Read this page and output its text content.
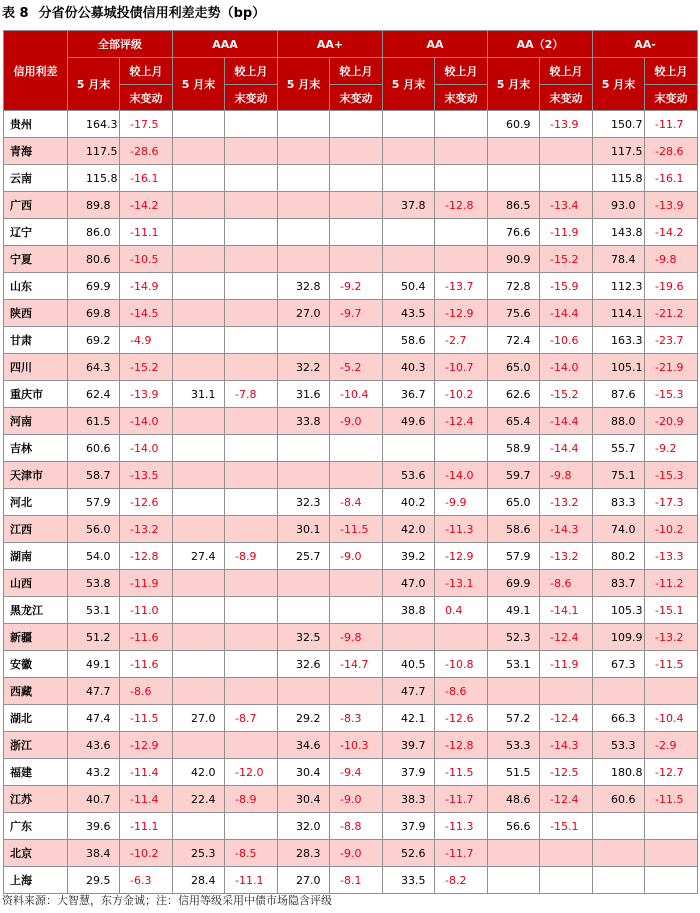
表 8 分省份公募城投债信用利差走势（bp）
信用利差	全部评级		AAA		AA+		AA		AA（2）		AA-	
	5 月末	较上月	5 月末	较上月	5 月末	较上月	5 月末	较上月	5 月末	较上月	5 月末	较上月
		末变动		末变动		末变动		末变动		末变动		末变动
贵州	164.3	-17.5							60.9	-13.9	150.7	-11.7
青海	117.5	-28.6									117.5	-28.6
云南	115.8	-16.1									115.8	-16.1
广西	89.8	-14.2					37.8	-12.8	86.5	-13.4	93.0	-13.9
辽宁	86.0	-11.1							76.6	-11.9	143.8	-14.2
宁夏	80.6	-10.5							90.9	-15.2	78.4	-9.8
山东	69.9	-14.9			32.8	-9.2	50.4	-13.7	72.8	-15.9	112.3	-19.6
陕西	69.8	-14.5			27.0	-9.7	43.5	-12.9	75.6	-14.4	114.1	-21.2
甘肃	69.2	-4.9					58.6	-2.7	72.4	-10.6	163.3	-23.7
四川	64.3	-15.2			32.2	-5.2	40.3	-10.7	65.0	-14.0	105.1	-21.9
重庆市	62.4	-13.9	31.1	-7.8	31.6	-10.4	36.7	-10.2	62.6	-15.2	87.6	-15.3
河南	61.5	-14.0			33.8	-9.0	49.6	-12.4	65.4	-14.4	88.0	-20.9
吉林	60.6	-14.0							58.9	-14.4	55.7	-9.2
天津市	58.7	-13.5					53.6	-14.0	59.7	-9.8	75.1	-15.3
河北	57.9	-12.6			32.3	-8.4	40.2	-9.9	65.0	-13.2	83.3	-17.3
江西	56.0	-13.2			30.1	-11.5	42.0	-11.3	58.6	-14.3	74.0	-10.2
湖南	54.0	-12.8	27.4	-8.9	25.7	-9.0	39.2	-12.9	57.9	-13.2	80.2	-13.3
山西	53.8	-11.9					47.0	-13.1	69.9	-8.6	83.7	-11.2
黑龙江	53.1	-11.0					38.8	0.4	49.1	-14.1	105.3	-15.1
新疆	51.2	-11.6			32.5	-9.8			52.3	-12.4	109.9	-13.2
安徽	49.1	-11.6			32.6	-14.7	40.5	-10.8	53.1	-11.9	67.3	-11.5
西藏	47.7	-8.6					47.7	-8.6				
湖北	47.4	-11.5	27.0	-8.7	29.2	-8.3	42.1	-12.6	57.2	-12.4	66.3	-10.4
浙江	43.6	-12.9			34.6	-10.3	39.7	-12.8	53.3	-14.3	53.3	-2.9
福建	43.2	-11.4	42.0	-12.0	30.4	-9.4	37.9	-11.5	51.5	-12.5	180.8	-12.7
江苏	40.7	-11.4	22.4	-8.9	30.4	-9.0	38.3	-11.7	48.6	-12.4	60.6	-11.5
广东	39.6	-11.1			32.0	-8.8	37.9	-11.3	56.6	-15.1		
北京	38.4	-10.2	25.3	-8.5	28.3	-9.0	52.6	-11.7				
上海	29.5	-6.3	28.4	-11.1	27.0	-8.1	33.5	-8.2				
资料来源：大智慧，东方金诚；注：信用等级采用中债市场隐含评级
